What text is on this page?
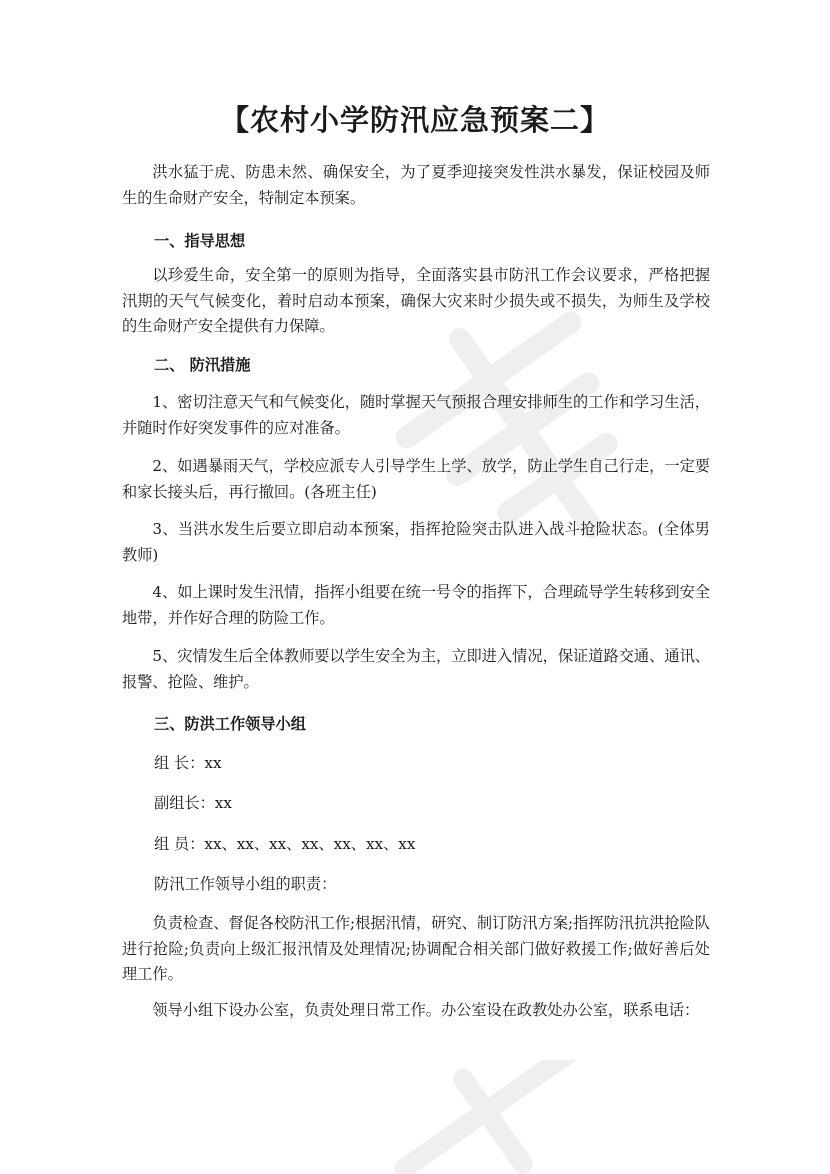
【农村小学防汛应急预案二】

洪水猛于虎、防患未然、确保安全，为了夏季迎接突发性洪水暴发，保证校园及师生的生命财产安全，特制定本预案。

一、指导思想

以珍爱生命，安全第一的原则为指导，全面落实县市防汛工作会议要求，严格把握汛期的天气气候变化，着时启动本预案，确保大灾来时少损失或不损失，为师生及学校的生命财产安全提供有力保障。

二、 防汛措施

1、密切注意天气和气候变化，随时掌握天气预报合理安排师生的工作和学习生活，并随时作好突发事件的应对准备。

2、如遇暴雨天气，学校应派专人引导学生上学、放学，防止学生自己行走，一定要和家长接头后，再行撤回。(各班主任)

3、当洪水发生后要立即启动本预案，指挥抢险突击队进入战斗抢险状态。(全体男教师)

4、如上课时发生汛情，指挥小组要在统一号令的指挥下，合理疏导学生转移到安全地带，并作好合理的防险工作。

5、灾情发生后全体教师要以学生安全为主，立即进入情况，保证道路交通、通讯、报警、抢险、维护。

三、防洪工作领导小组
组 长：xx
副组长：xx
组 员：xx、xx、xx、xx、xx、xx、xx
防汛工作领导小组的职责：

负责检查、督促各校防汛工作;根据汛情，研究、制订防汛方案;指挥防汛抗洪抢险队进行抢险;负责向上级汇报汛情及处理情况;协调配合相关部门做好救援工作;做好善后处理工作。

领导小组下设办公室，负责处理日常工作。办公室设在政教处办公室，联系电话：
